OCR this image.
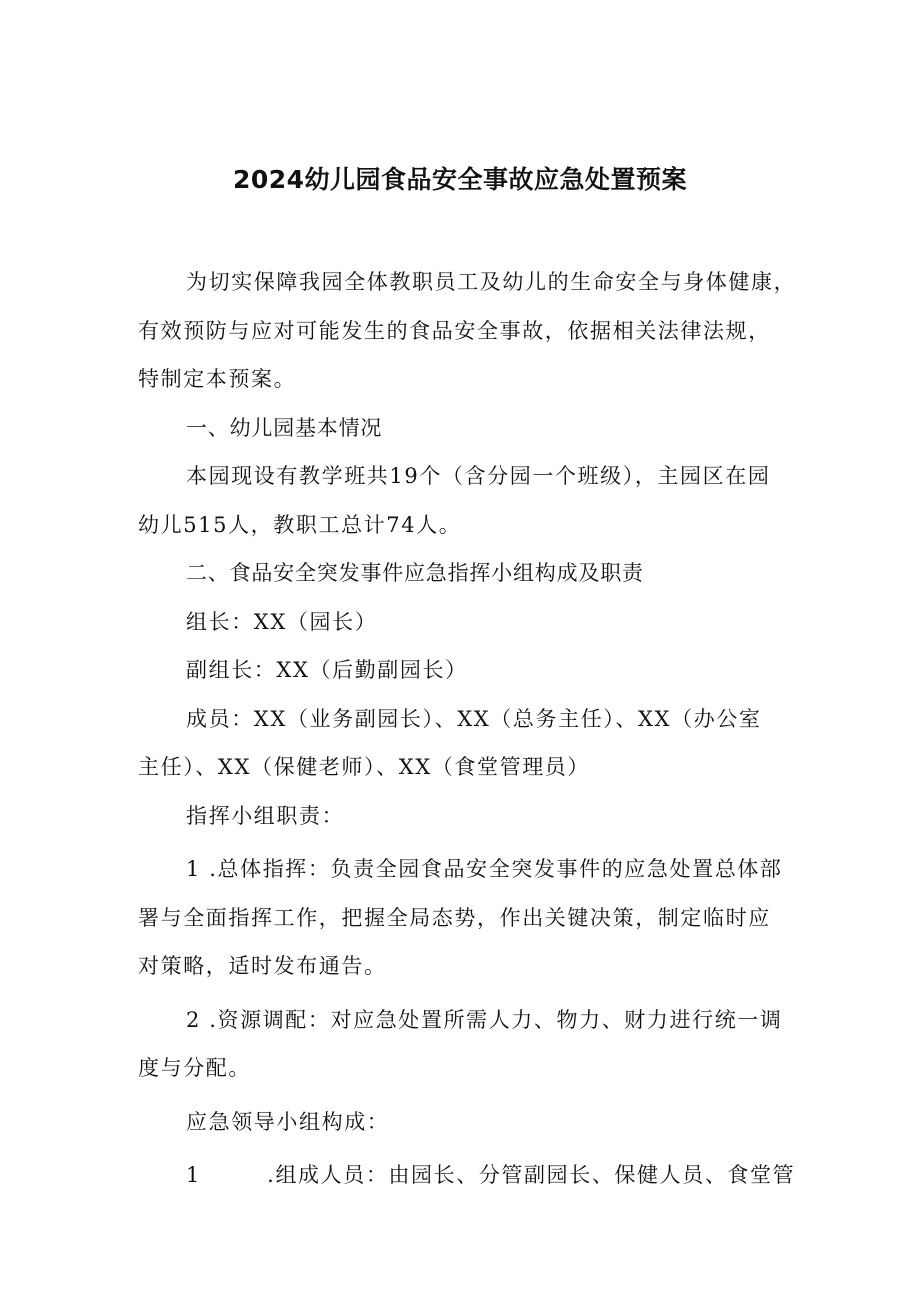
2024幼儿园食品安全事故应急处置预案

为切实保障我园全体教职员工及幼儿的生命安全与身体健康，

有效预防与应对可能发生的食品安全事故，依据相关法律法规，

特制定本预案。

一、幼儿园基本情况

本园现设有教学班共19个（含分园一个班级），主园区在园

幼儿515人，教职工总计74人。

二、食品安全突发事件应急指挥小组构成及职责

组长：XX（园长）

副组长：XX（后勤副园长）

成员：XX（业务副园长）、XX（总务主任）、XX（办公室

主任）、XX（保健老师）、XX（食堂管理员）

指挥小组职责：

1 .总体指挥：负责全园食品安全突发事件的应急处置总体部

署与全面指挥工作，把握全局态势，作出关键决策，制定临时应

对策略，适时发布通告。

2 .资源调配：对应急处置所需人力、物力、财力进行统一调

度与分配。

应急领导小组构成：

1        .组成人员：由园长、分管副园长、保健人员、食堂管
